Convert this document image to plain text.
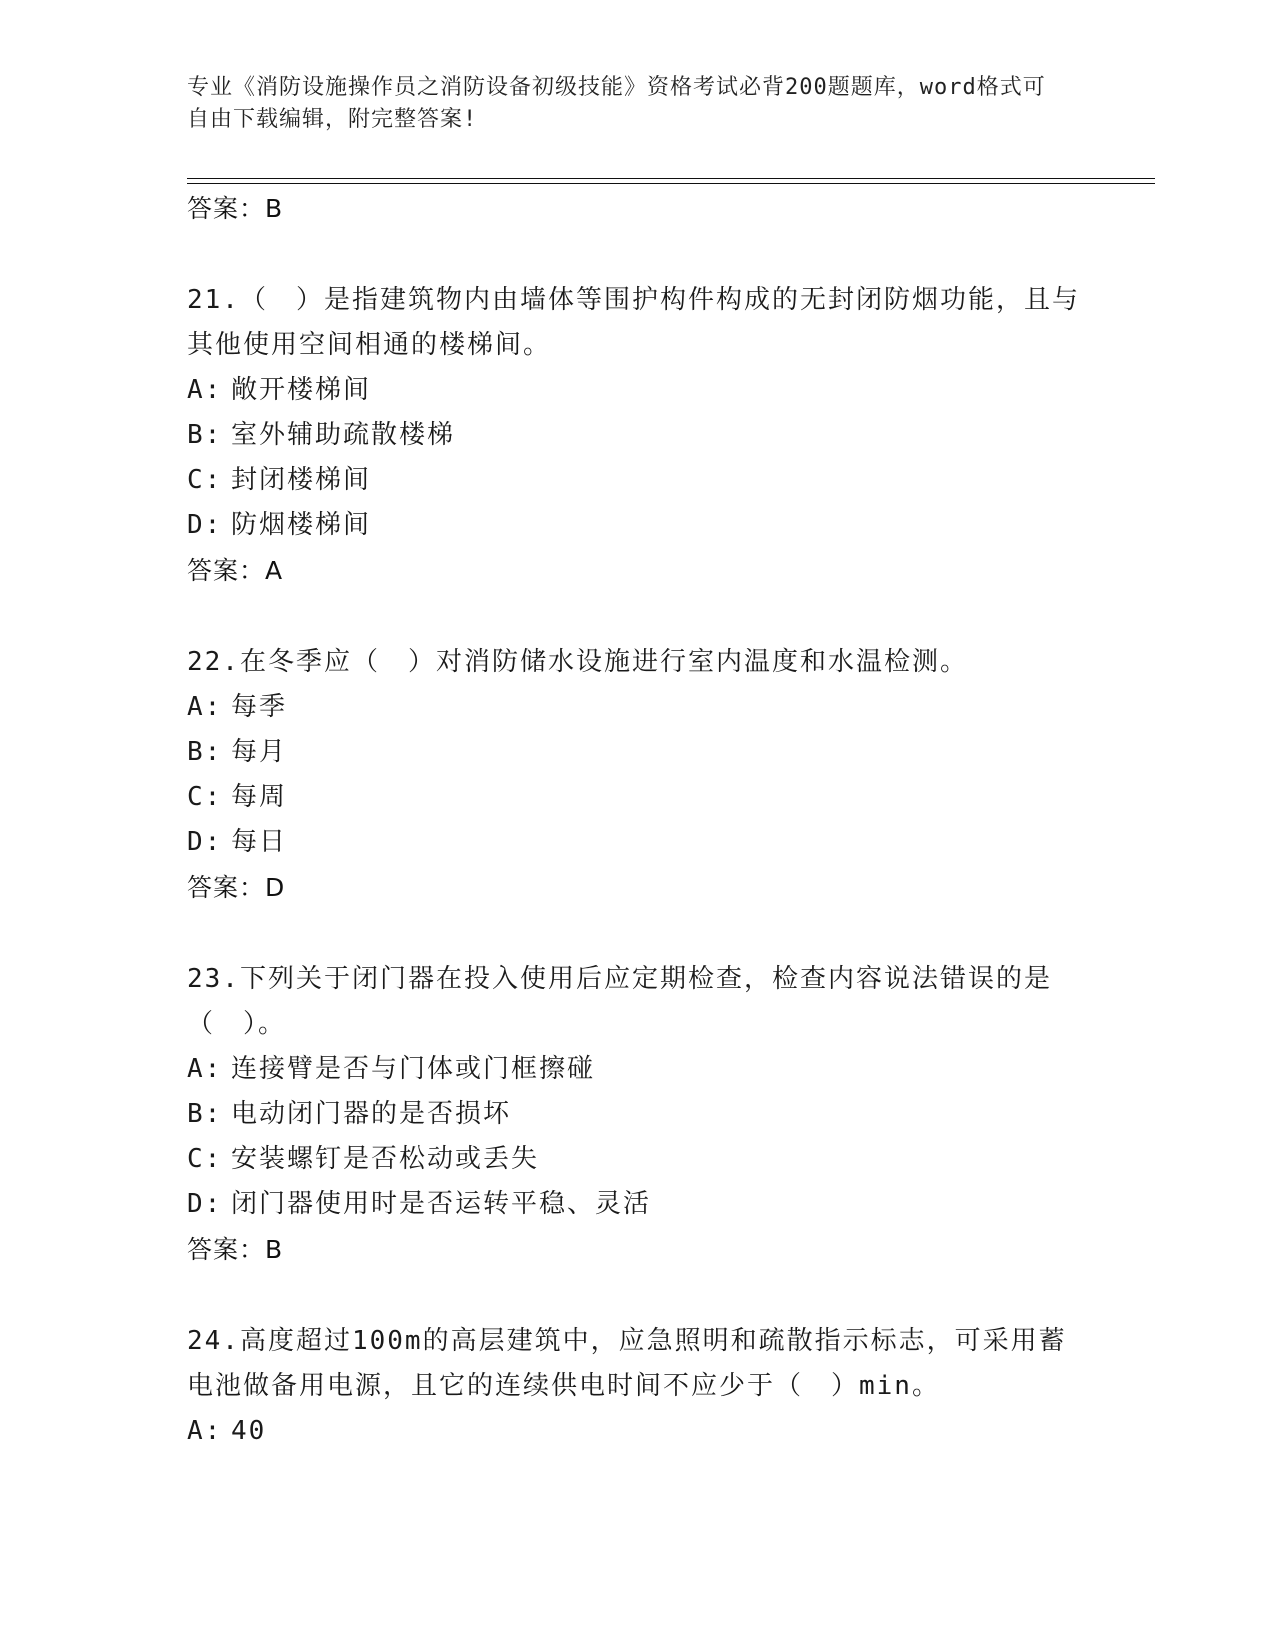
专业《消防设施操作员之消防设备初级技能》资格考试必背200题题库，word格式可自由下载编辑，附完整答案!
答案：B
21.（　）是指建筑物内由墙体等围护构件构成的无封闭防烟功能，且与其他使用空间相通的楼梯间。
A: 敞开楼梯间
B: 室外辅助疏散楼梯
C: 封闭楼梯间
D: 防烟楼梯间
答案：A
22.在冬季应（　）对消防储水设施进行室内温度和水温检测。
A: 每季
B: 每月
C: 每周
D: 每日
答案：D
23.下列关于闭门器在投入使用后应定期检查，检查内容说法错误的是（　）。
A: 连接臂是否与门体或门框擦碰
B: 电动闭门器的是否损坏
C: 安装螺钉是否松动或丢失
D: 闭门器使用时是否运转平稳、灵活
答案：B
24.高度超过100m的高层建筑中，应急照明和疏散指示标志，可采用蓄电池做备用电源，且它的连续供电时间不应少于（　）min。
A: 40
